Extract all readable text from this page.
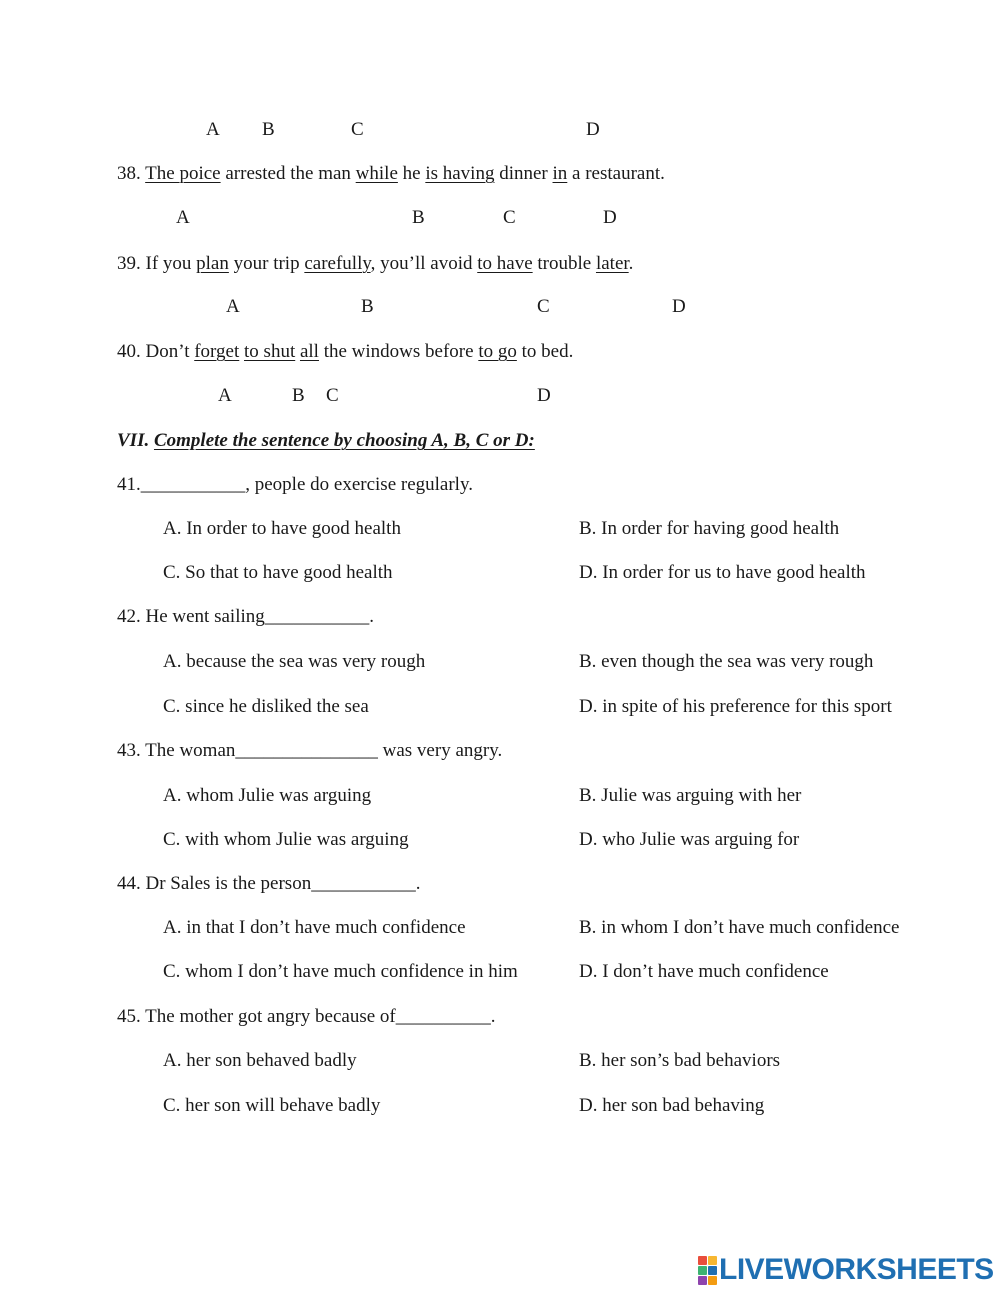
A B	C	D
38. The poice arrested the man while he is having dinner in a restaurant.
A	B	C	D
39. If you plan your trip carefully, you’ll avoid to have trouble later.
A	B	C	D
40. Don’t forget to shut all the windows before to go to bed.
A	B C	D
VII. Complete the sentence by choosing A, B, C or D:
41.___________, people do exercise regularly.
A. In order to have good health	B. In order for having good health
C. So that to have good health	D. In order for us to have good health
42. He went sailing___________.
A. because the sea was very rough	B. even though the sea was very rough
C. since he disliked the sea	D. in spite of his preference for this sport
43. The woman_______________ was very angry.
A. whom Julie was arguing	B. Julie was arguing with her
C. with whom Julie was arguing	D. who Julie was arguing for
44. Dr Sales is the person___________.
A. in that I don’t have much confidence	B. in whom I don’t have much confidence
C. whom I don’t have much confidence in him	D. I don’t have much confidence
45. The mother got angry because of__________.
A. her son behaved badly	B. her son’s bad behaviors
C. her son will behave badly	D. her son bad behaving
LIVEWORKSHEETS
